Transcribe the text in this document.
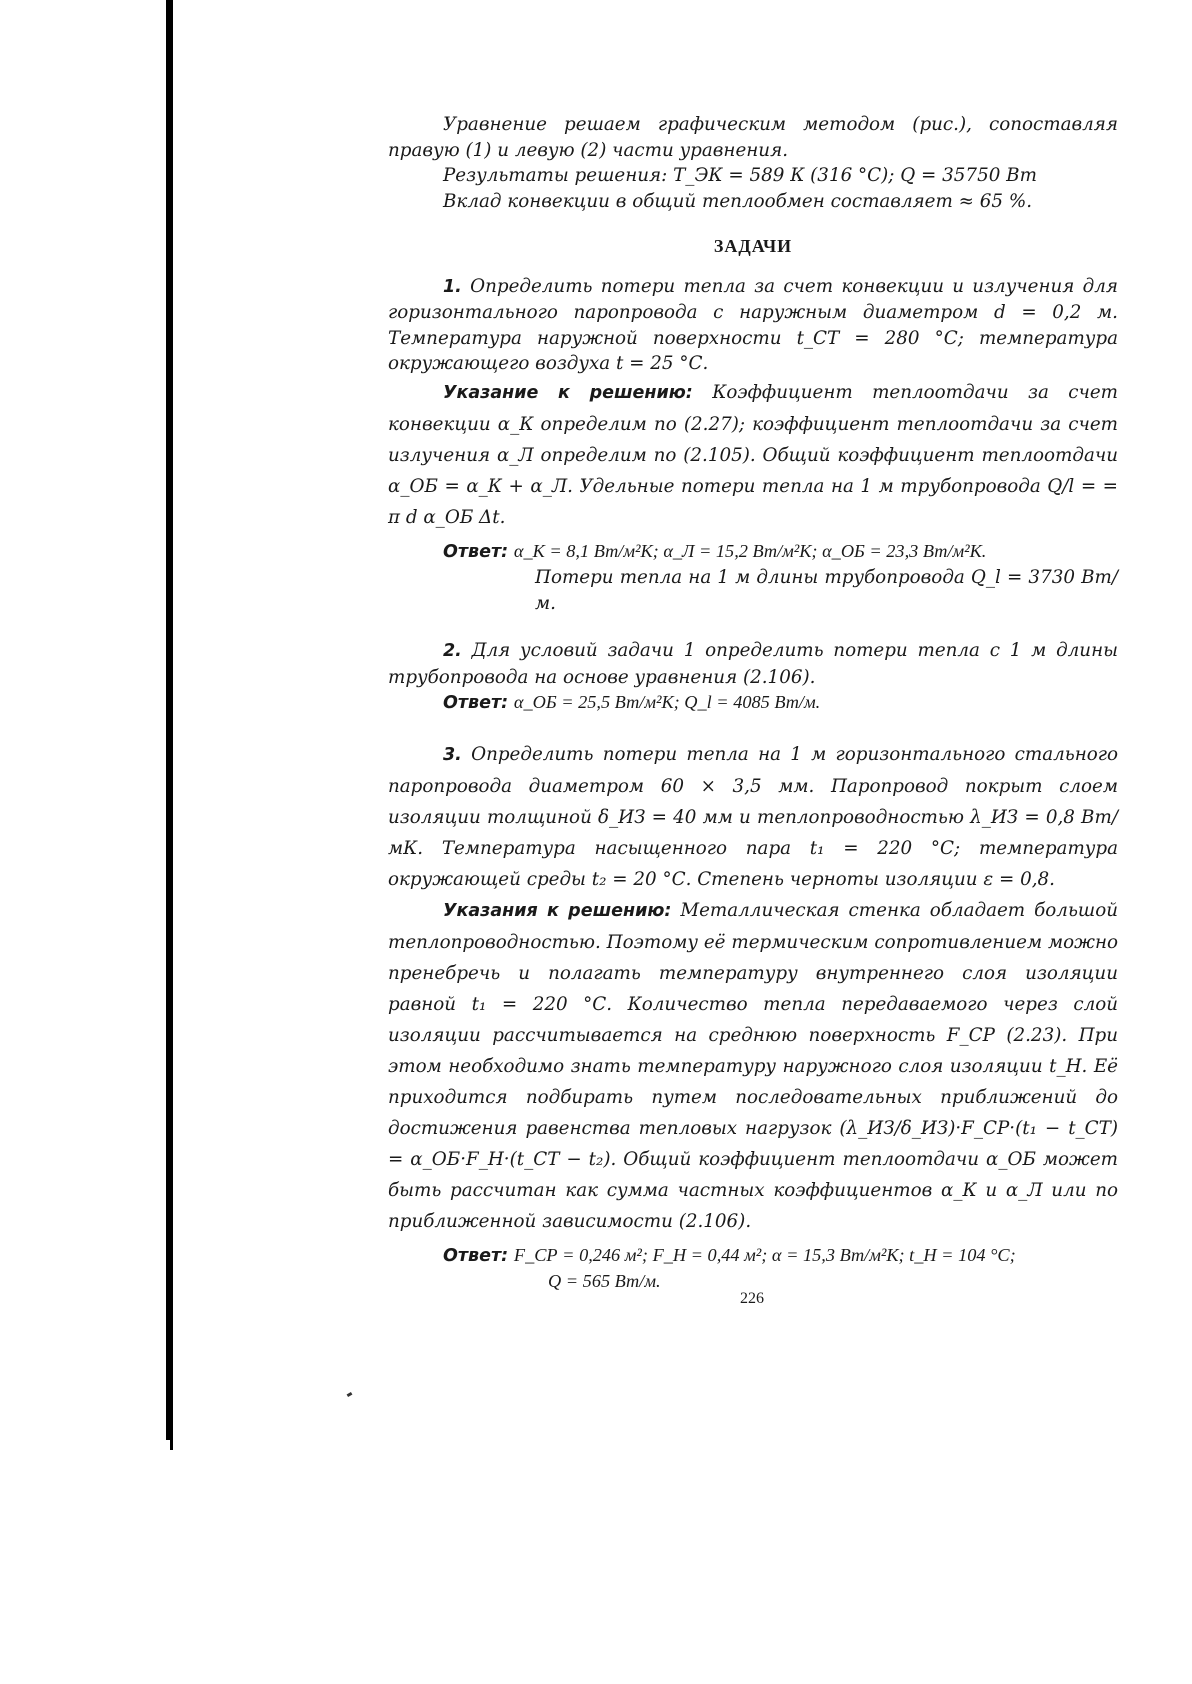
Уравнение решаем графическим методом (рис.), сопоставляя правую (1) и левую (2) части уравнения.

Результаты решения: T_ЭК = 589 К (316 °С); Q = 35750 Вт

Вклад конвекции в общий теплообмен составляет ≈ 65 %.

ЗАДАЧИ

1. Определить потери тепла за счет конвекции и излучения для горизонтального паропровода с наружным диаметром d = 0,2 м. Температура наружной поверхности t_СТ = 280 °С; температура окружающего воздуха t = 25 °С.

Указание к решению: Коэффициент теплоотдачи за счет конвекции α_К определим по (2.27); коэффициент теплоотдачи за счет излучения α_Л определим по (2.105). Общий коэффициент теплоотдачи α_ОБ = α_К + α_Л. Удельные потери тепла на 1 м трубопровода Q/l = = π d α_ОБ Δt.

Ответ: α_К = 8,1 Вт/м²К; α_Л = 15,2 Вт/м²К; α_ОБ = 23,3 Вт/м²К.

Потери тепла на 1 м длины трубопровода Q_l = 3730 Вт/м.

2. Для условий задачи 1 определить потери тепла с 1 м длины трубопровода на основе уравнения (2.106).

Ответ: α_ОБ = 25,5 Вт/м²К; Q_l = 4085 Вт/м.

3. Определить потери тепла на 1 м горизонтального стального паропровода диаметром 60 × 3,5 мм. Паропровод покрыт слоем изоляции толщиной δ_ИЗ = 40 мм и теплопроводностью λ_ИЗ = 0,8 Вт/мК. Температура насыщенного пара t₁ = 220 °С; температура окружающей среды t₂ = 20 °С. Степень черноты изоляции ε = 0,8.

Указания к решению: Металлическая стенка обладает большой теплопроводностью. Поэтому её термическим сопротивлением можно пренебречь и полагать температуру внутреннего слоя изоляции равной t₁ = 220 °С. Количество тепла передаваемого через слой изоляции рассчитывается на среднюю поверхность F_СР (2.23). При этом необходимо знать температуру наружного слоя изоляции t_Н. Её приходится подбирать путем последовательных приближений до достижения равенства тепловых нагрузок (λ_ИЗ/δ_ИЗ)·F_СР·(t₁ − t_СТ) = α_ОБ·F_Н·(t_СТ − t₂). Общий коэффициент теплоотдачи α_ОБ может быть рассчитан как сумма частных коэффициентов α_К и α_Л или по приближенной зависимости (2.106).

Ответ: F_СР = 0,246 м²; F_Н = 0,44 м²; α = 15,3 Вт/м²К; t_Н = 104 °С;

Q = 565 Вт/м.

226
